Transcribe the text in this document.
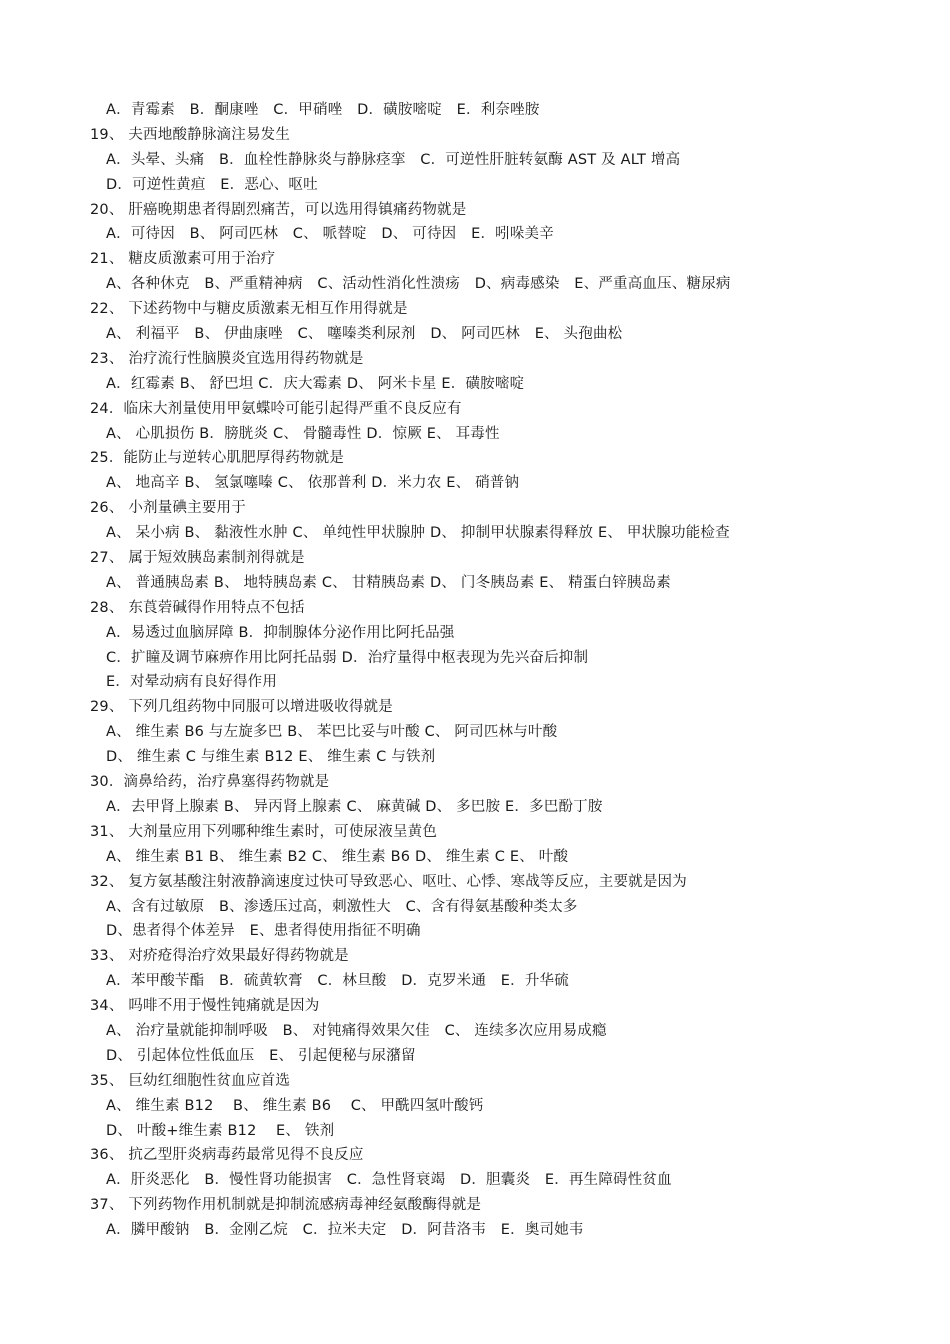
A．青霉素　B．酮康唑　C．甲硝唑　D．磺胺嘧啶　E．利奈唑胺
19、 夫西地酸静脉滴注易发生
A．头晕、头痛　B．血栓性静脉炎与静脉痉挛　C．可逆性肝脏转氨酶 AST 及 ALT 增高
D．可逆性黄疸　E．恶心、呕吐
20、 肝癌晚期患者得剧烈痛苦，可以选用得镇痛药物就是
A．可待因　B、 阿司匹林　C、 哌替啶　D、 可待因　E．吲哚美辛
21、 糖皮质激素可用于治疗
A、各种休克　B、严重精神病　C、活动性消化性溃疡　D、病毒感染　E、严重高血压、糖尿病
22、 下述药物中与糖皮质激素无相互作用得就是
A、 利福平　B、 伊曲康唑　C、 噻嗪类利尿剂　D、 阿司匹林　E、 头孢曲松
23、 治疗流行性脑膜炎宜选用得药物就是
A．红霉素 B、 舒巴坦 C．庆大霉素 D、 阿米卡星 E．磺胺嘧啶
24．临床大剂量使用甲氨蝶呤可能引起得严重不良反应有
A、 心肌损伤 B．膀胱炎 C、 骨髓毒性 D．惊厥 E、 耳毒性
25．能防止与逆转心肌肥厚得药物就是
A、 地高辛 B、 氢氯噻嗪 C、 依那普利 D．米力农 E、 硝普钠
26、 小剂量碘主要用于
A、 呆小病 B、 黏液性水肿 C、 单纯性甲状腺肿 D、 抑制甲状腺素得释放 E、 甲状腺功能检查
27、 属于短效胰岛素制剂得就是
A、 普通胰岛素 B、 地特胰岛素 C、 甘精胰岛素 D、 门冬胰岛素 E、 精蛋白锌胰岛素
28、 东莨菪碱得作用特点不包括
A．易透过血脑屏障 B．抑制腺体分泌作用比阿托品强
C．扩瞳及调节麻痹作用比阿托品弱 D．治疗量得中枢表现为先兴奋后抑制
E．对晕动病有良好得作用
29、 下列几组药物中同服可以增进吸收得就是
A、 维生素 B6 与左旋多巴 B、 苯巴比妥与叶酸 C、 阿司匹林与叶酸
D、 维生素 C 与维生素 B12 E、 维生素 C 与铁剂
30．滴鼻给药，治疗鼻塞得药物就是
A．去甲肾上腺素 B、 异丙肾上腺素 C、 麻黄碱 D、 多巴胺 E．多巴酚丁胺
31、 大剂量应用下列哪种维生素时，可使尿液呈黄色
A、 维生素 B1 B、 维生素 B2 C、 维生素 B6 D、 维生素 C E、 叶酸
32、 复方氨基酸注射液静滴速度过快可导致恶心、呕吐、心悸、寒战等反应，主要就是因为
A、含有过敏原　B、渗透压过高，刺激性大　C、含有得氨基酸种类太多
D、患者得个体差异　E、患者得使用指征不明确
33、 对疥疮得治疗效果最好得药物就是
A．苯甲酸苄酯　B．硫黄软膏　C．林旦酸　D．克罗米通　E．升华硫
34、 吗啡不用于慢性钝痛就是因为
A、 治疗量就能抑制呼吸　B、 对钝痛得效果欠佳　C、 连续多次应用易成瘾
D、 引起体位性低血压　E、 引起便秘与尿潴留
35、 巨幼红细胞性贫血应首选
A、 维生素 B12　 B、 维生素 B6　 C、 甲酰四氢叶酸钙
D、 叶酸+维生素 B12　 E、 铁剂
36、 抗乙型肝炎病毒药最常见得不良反应
A．肝炎恶化　B．慢性肾功能损害　C．急性肾衰竭　D．胆囊炎　E．再生障碍性贫血
37、 下列药物作用机制就是抑制流感病毒神经氨酸酶得就是
A．膦甲酸钠　B．金刚乙烷　C．拉米夫定　D．阿昔洛韦　E．奥司她韦
